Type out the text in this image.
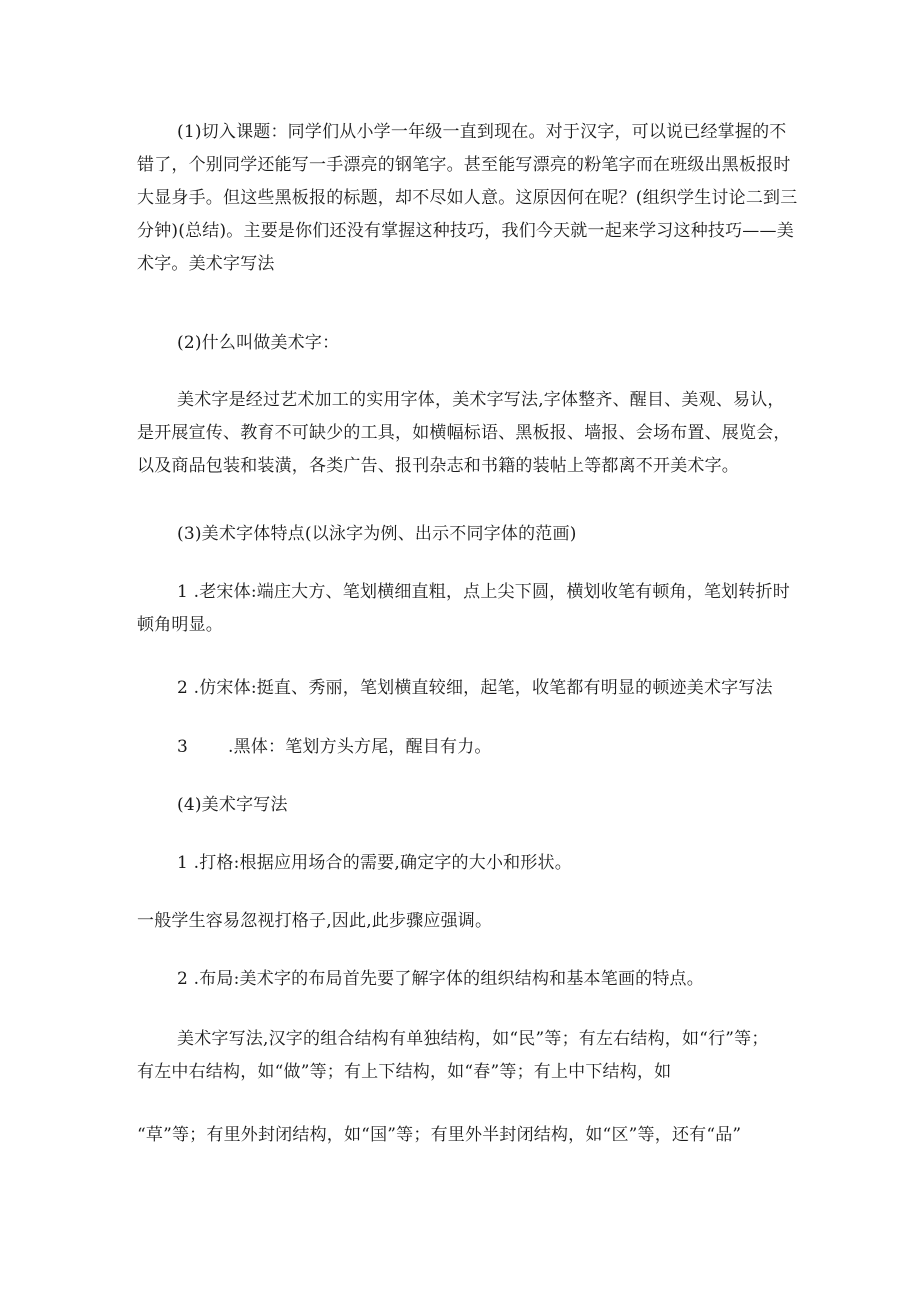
(1)切入课题：同学们从小学一年级一直到现在。对于汉字，可以说已经掌握的不
错了，个别同学还能写一手漂亮的钢笔字。甚至能写漂亮的粉笔字而在班级出黑板报时
大显身手。但这些黑板报的标题，却不尽如人意。这原因何在呢？(组织学生讨论二到三
分钟)(总结)。主要是你们还没有掌握这种技巧，我们今天就一起来学习这种技巧——美
术字。美术字写法

(2)什么叫做美术字：

美术字是经过艺术加工的实用字体，美术字写法,字体整齐、醒目、美观、易认，
是开展宣传、教育不可缺少的工具，如横幅标语、黑板报、墙报、会场布置、展览会，
以及商品包装和装潢，各类广告、报刊杂志和书籍的装帖上等都离不开美术字。

(3)美术字体特点(以泳字为例、出示不同字体的范画)

1 .老宋体:端庄大方、笔划横细直粗，点上尖下圆，横划收笔有顿角，笔划转折时
顿角明显。

2 .仿宋体:挺直、秀丽，笔划横直较细，起笔，收笔都有明显的顿迹美术字写法

3 .黑体：笔划方头方尾，醒目有力。

(4)美术字写法

1 .打格:根据应用场合的需要,确定字的大小和形状。

一般学生容易忽视打格子,因此,此步骤应强调。

2 .布局:美术字的布局首先要了解字体的组织结构和基本笔画的特点。

美术字写法,汉字的组合结构有单独结构，如“民”等；有左右结构，如“行”等；
有左中右结构，如“做”等；有上下结构，如“春”等；有上中下结构，如

“草”等；有里外封闭结构，如“国”等；有里外半封闭结构，如“区”等，还有“品”
